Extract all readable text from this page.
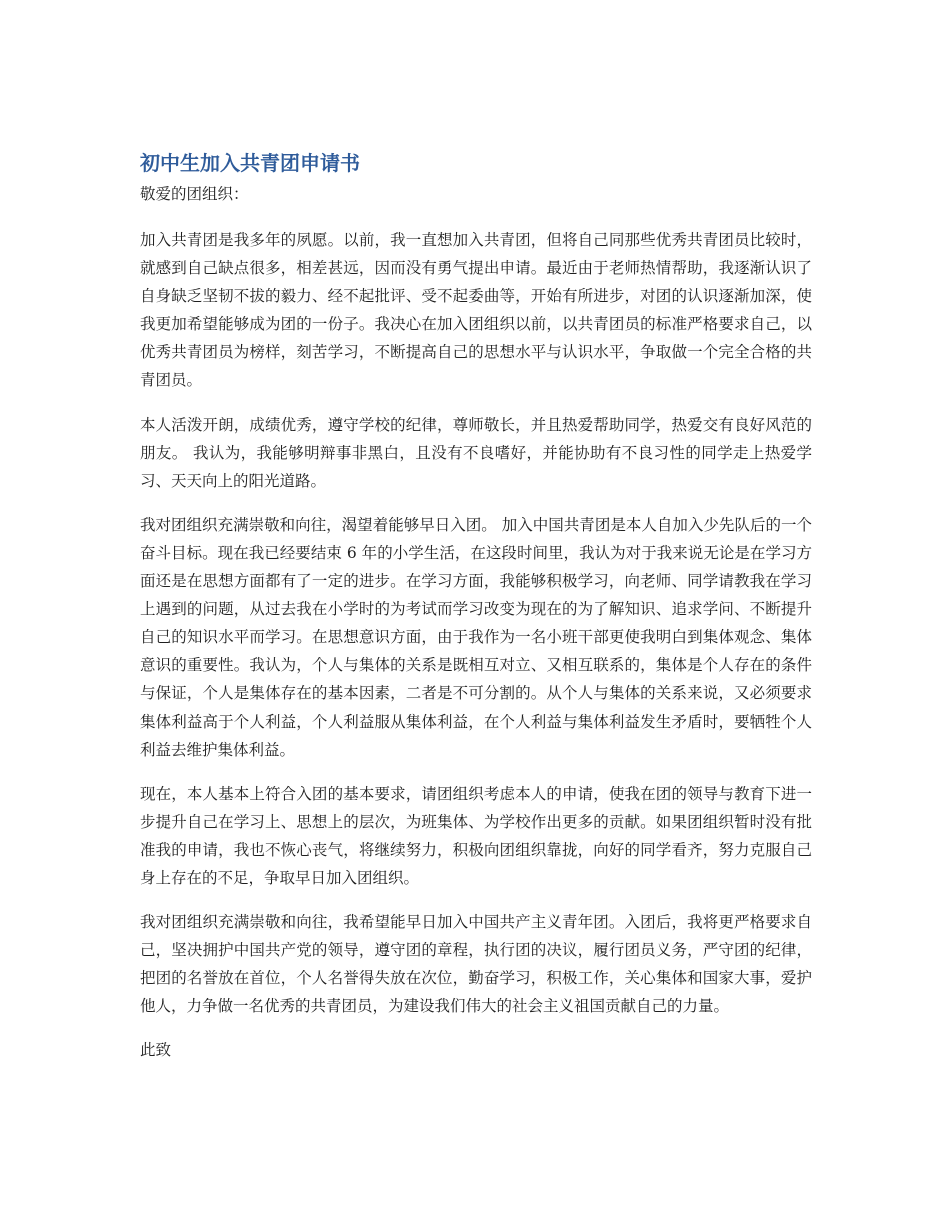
初中生加入共青团申请书

敬爱的团组织：

加入共青团是我多年的夙愿。以前，我一直想加入共青团，但将自己同那些优秀共青团员比较时，就感到自己缺点很多，相差甚远，因而没有勇气提出申请。最近由于老师热情帮助，我逐渐认识了自身缺乏坚韧不拔的毅力、经不起批评、受不起委曲等，开始有所进步，对团的认识逐渐加深，使我更加希望能够成为团的一份子。我决心在加入团组织以前，以共青团员的标准严格要求自己，以优秀共青团员为榜样，刻苦学习，不断提高自己的思想水平与认识水平，争取做一个完全合格的共青团员。

本人活泼开朗，成绩优秀，遵守学校的纪律，尊师敬长，并且热爱帮助同学，热爱交有良好风范的朋友。 我认为，我能够明辩事非黑白，且没有不良嗜好，并能协助有不良习性的同学走上热爱学习、天天向上的阳光道路。

我对团组织充满崇敬和向往，渴望着能够早日入团。 加入中国共青团是本人自加入少先队后的一个奋斗目标。现在我已经要结束 6 年的小学生活，在这段时间里，我认为对于我来说无论是在学习方面还是在思想方面都有了一定的进步。在学习方面，我能够积极学习，向老师、同学请教我在学习上遇到的问题，从过去我在小学时的为考试而学习改变为现在的为了解知识、追求学问、不断提升自己的知识水平而学习。在思想意识方面，由于我作为一名小班干部更使我明白到集体观念、集体意识的重要性。我认为，个人与集体的关系是既相互对立、又相互联系的，集体是个人存在的条件与保证，个人是集体存在的基本因素，二者是不可分割的。从个人与集体的关系来说，又必须要求集体利益高于个人利益，个人利益服从集体利益，在个人利益与集体利益发生矛盾时，要牺牲个人利益去维护集体利益。

现在，本人基本上符合入团的基本要求，请团组织考虑本人的申请，使我在团的领导与教育下进一步提升自己在学习上、思想上的层次，为班集体、为学校作出更多的贡献。如果团组织暂时没有批准我的申请，我也不恢心丧气，将继续努力，积极向团组织靠拢，向好的同学看齐，努力克服自己身上存在的不足，争取早日加入团组织。

我对团组织充满崇敬和向往，我希望能早日加入中国共产主义青年团。入团后，我将更严格要求自己，坚决拥护中国共产党的领导，遵守团的章程，执行团的决议，履行团员义务，严守团的纪律，把团的名誉放在首位，个人名誉得失放在次位，勤奋学习，积极工作，关心集体和国家大事，爱护他人，力争做一名优秀的共青团员，为建设我们伟大的社会主义祖国贡献自己的力量。

此致
